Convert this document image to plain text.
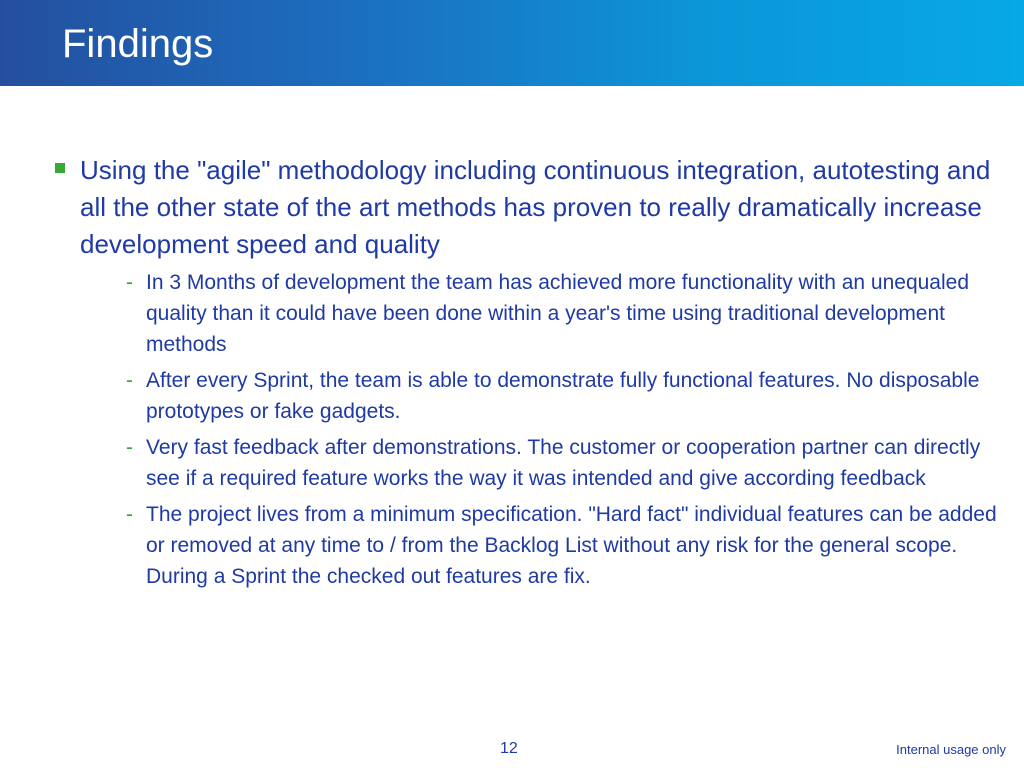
Findings
Using the "agile" methodology including continuous integration, autotesting and all the other state of the art methods has proven to really dramatically increase development speed and quality
- In 3 Months of development the team has achieved more functionality with an unequaled quality than it could have been done within a year's time using traditional development methods
- After every Sprint, the team is able to demonstrate fully functional features. No disposable prototypes or fake gadgets.
- Very fast feedback after demonstrations. The customer or cooperation partner can directly see if a required feature works the way it was intended and give according feedback
- The project lives from a minimum specification. "Hard fact" individual features can be added or removed at any time to / from the Backlog List without any risk for the general scope. During a Sprint the checked out features are fix.
12	Internal usage only
